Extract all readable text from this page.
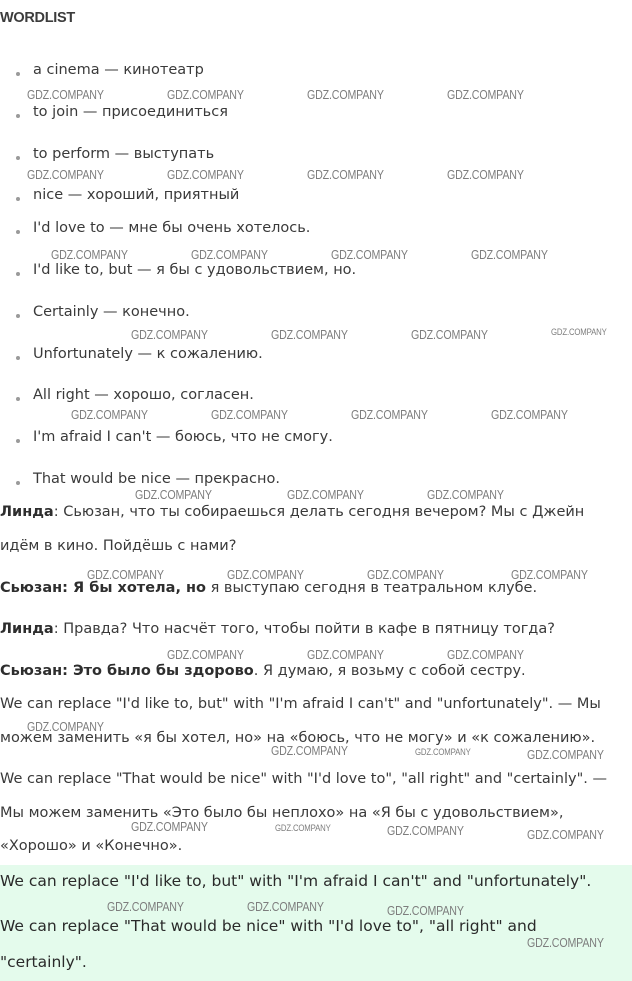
WORDLIST
a cinema — кинотеатр
to join — присоединиться
to perform — выступать
nice — хороший, приятный
I'd love to — мне бы очень хотелось.
I'd like to, but — я бы с удовольствием, но.
Certainly — конечно.
Unfortunately — к сожалению.
All right — хорошо, согласен.
I'm afraid I can't — боюсь, что не смогу.
That would be nice — прекрасно.
Линда: Сьюзан, что ты собираешься делать сегодня вечером? Мы с Джейн
идём в кино. Пойдёшь с нами?
Сьюзан: Я бы хотела, но я выступаю сегодня в театральном клубе.
Линда: Правда? Что насчёт того, чтобы пойти в кафе в пятницу тогда?
Сьюзан: Это было бы здорово. Я думаю, я возьму с собой сестру.
We can replace "I'd like to, but" with "I'm afraid I can't" and "unfortunately". — Мы
можем заменить «я бы хотел, но» на «боюсь, что не могу» и «к сожалению».
We can replace "That would be nice" with "I'd love to", "all right" and "certainly". —
Мы можем заменить «Это было бы неплохо» на «Я бы с удовольствием»,
«Хорошо» и «Конечно».
We can replace "I'd like to, but" with "I'm afraid I can't" and "unfortunately".
We can replace "That would be nice" with "I'd love to", "all right" and
"certainly".
GDZ.COMPANY	GDZ.COMPANY	GDZ.COMPANY	GDZ.COMPANY
GDZ.COMPANY	GDZ.COMPANY	GDZ.COMPANY	GDZ.COMPANY
GDZ.COMPANY	GDZ.COMPANY	GDZ.COMPANY	GDZ.COMPANY
GDZ.COMPANY	GDZ.COMPANY	GDZ.COMPANY	GDZ.COMPANY
GDZ.COMPANY	GDZ.COMPANY	GDZ.COMPANY	GDZ.COMPANY
GDZ.COMPANY	GDZ.COMPANY	GDZ.COMPANY
GDZ.COMPANY	GDZ.COMPANY	GDZ.COMPANY	GDZ.COMPANY
GDZ.COMPANY	GDZ.COMPANY	GDZ.COMPANY
GDZ.COMPANY
GDZ.COMPANY	GDZ.COMPANY	GDZ.COMPANY
GDZ.COMPANY	GDZ.COMPANY	GDZ.COMPANY	GDZ.COMPANY
GDZ.COMPANY	GDZ.COMPANY	GDZ.COMPANY
GDZ.COMPANY
